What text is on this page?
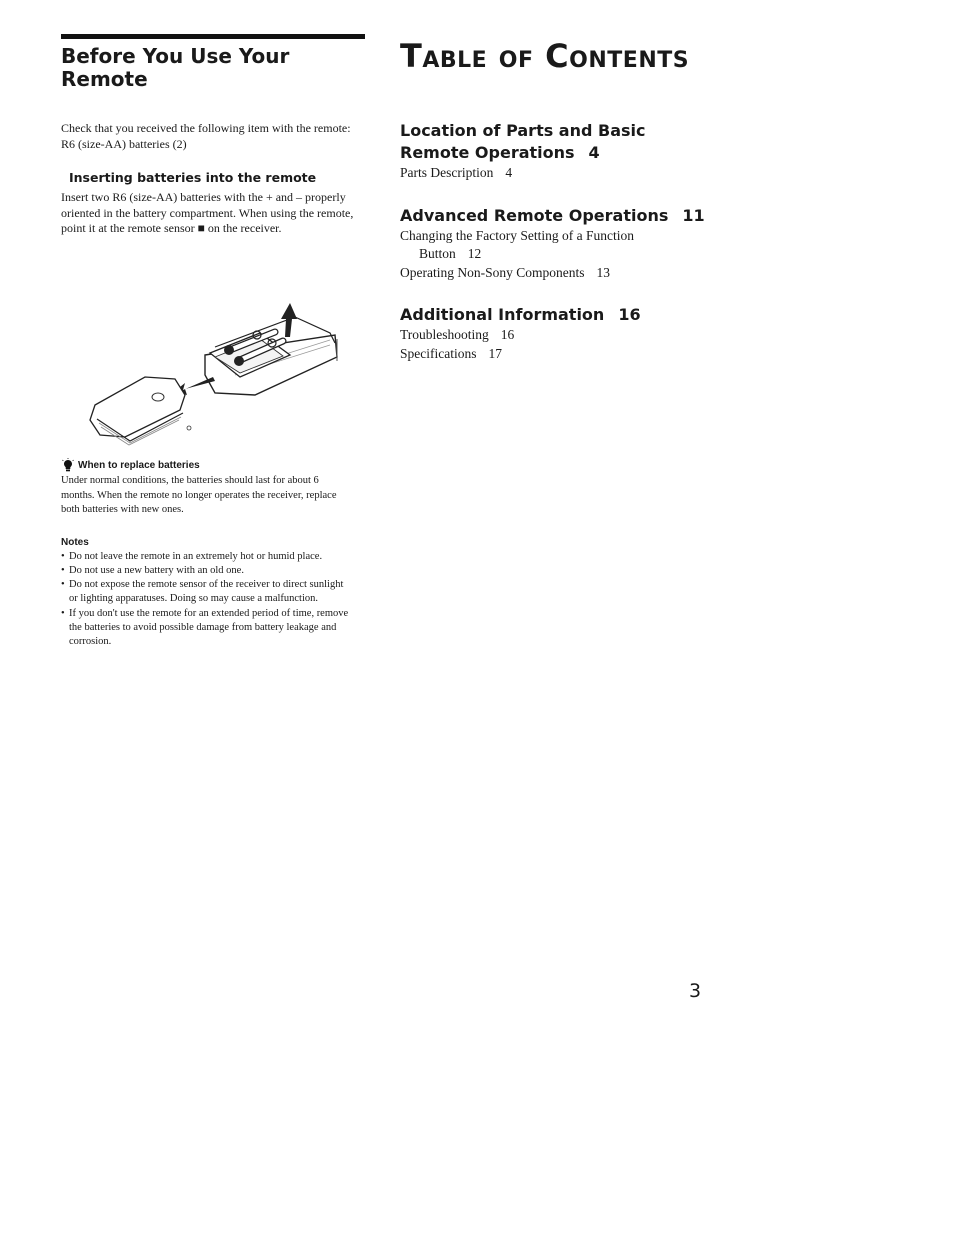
Before You Use Your Remote

Check that you received the following item with the remote:

R6 (size-AA) batteries (2)

Inserting batteries into the remote

Insert two R6 (size-AA) batteries with the + and – properly oriented in the battery compartment. When using the remote, point it at the remote sensor ■ on the receiver.

When to replace batteries

Under normal conditions, the batteries should last for about 6 months. When the remote no longer operates the receiver, replace both batteries with new ones.

Notes
• Do not leave the remote in an extremely hot or humid place.
• Do not use a new battery with an old one.
• Do not expose the remote sensor of the receiver to direct sunlight or lighting apparatuses. Doing so may cause a malfunction.
• If you don't use the remote for an extended period of time, remove the batteries to avoid possible damage from battery leakage and corrosion.
Table of Contents
Location of Parts and Basic Remote Operations 4

Parts Description 4

Advanced Remote Operations 11

Changing the Factory Setting of a Function

Button 12

Operating Non-Sony Components 13

Additional Information 16

Troubleshooting 16

Specifications 17

3
